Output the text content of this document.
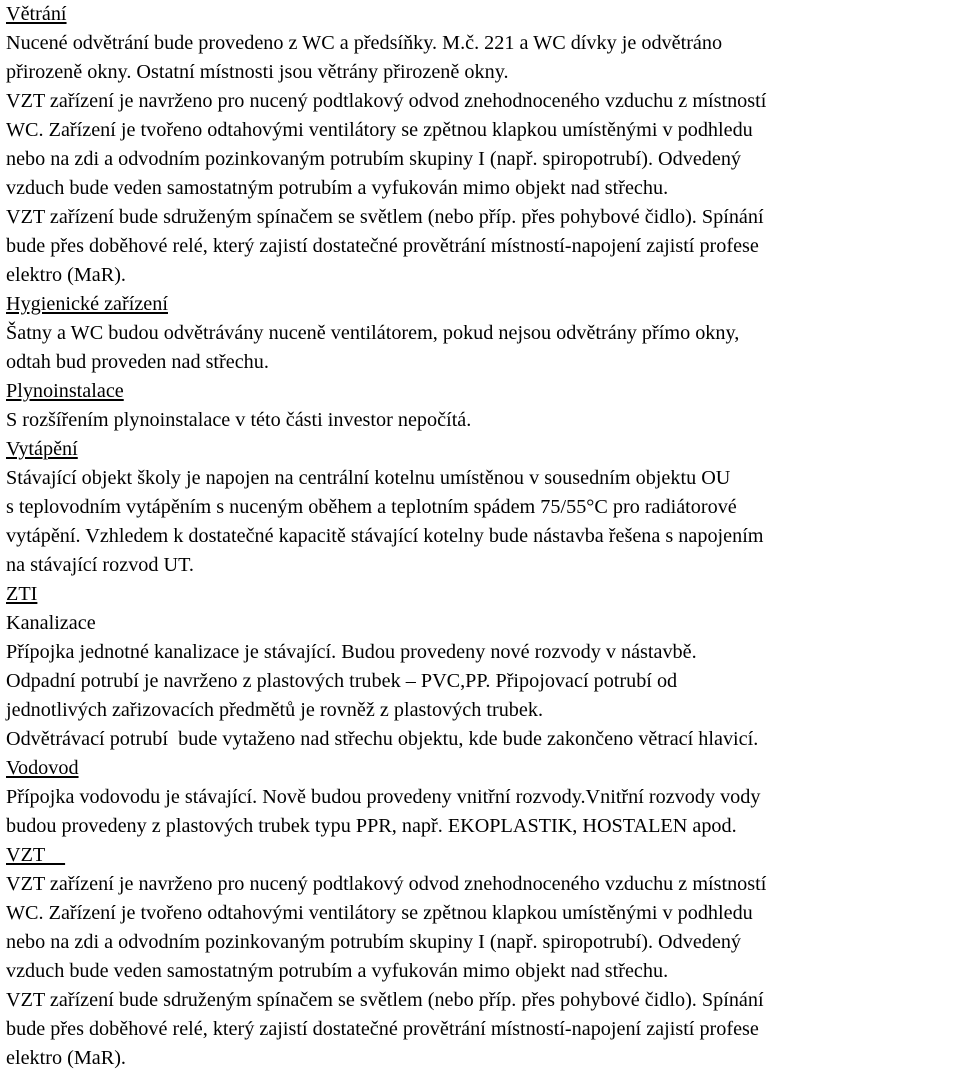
Větrání
Nucené odvětrání bude provedeno z WC a předsíňky. M.č. 221 a WC dívky je odvětráno
přirozeně okny. Ostatní místnosti jsou větrány přirozeně okny.
VZT zařízení je navrženo pro nucený podtlakový odvod znehodnoceného vzduchu z místností
WC. Zařízení je tvořeno odtahovými ventilátory se zpětnou klapkou umístěnými v podhledu
nebo na zdi a odvodním pozinkovaným potrubím skupiny I (např. spiropotrubí). Odvedený
vzduch bude veden samostatným potrubím a vyfukován mimo objekt nad střechu.
VZT zařízení bude sdruženým spínačem se světlem (nebo příp. přes pohybové čidlo). Spínání
bude přes doběhové relé, který zajistí dostatečné provětrání místností-napojení zajistí profese
elektro (MaR).
Hygienické zařízení
Šatny a WC budou odvětrávány nuceně ventilátorem, pokud nejsou odvětrány přímo okny,
odtah bud proveden nad střechu.
Plynoinstalace
S rozšířením plynoinstalace v této části investor nepočítá.
Vytápění
Stávající objekt školy je napojen na centrální kotelnu umístěnou v sousedním objektu OU
s teplovodním vytápěním s nuceným oběhem a teplotním spádem 75/55°C pro radiátorové
vytápění. Vzhledem k dostatečné kapacitě stávající kotelny bude nástavba řešena s napojením
na stávající rozvod UT.
ZTI
Kanalizace
Přípojka jednotné kanalizace je stávající. Budou provedeny nové rozvody v nástavbě.
Odpadní potrubí je navrženo z plastových trubek – PVC,PP. Připojovací potrubí od
jednotlivých zařizovacích předmětů je rovněž z plastových trubek.
Odvětrávací potrubí  bude vytaženo nad střechu objektu, kde bude zakončeno větrací hlavicí.
Vodovod
Přípojka vodovodu je stávající. Nově budou provedeny vnitřní rozvody.Vnitřní rozvody vody
budou provedeny z plastových trubek typu PPR, např. EKOPLASTIK, HOSTALEN apod.
VZT
VZT zařízení je navrženo pro nucený podtlakový odvod znehodnoceného vzduchu z místností
WC. Zařízení je tvořeno odtahovými ventilátory se zpětnou klapkou umístěnými v podhledu
nebo na zdi a odvodním pozinkovaným potrubím skupiny I (např. spiropotrubí). Odvedený
vzduch bude veden samostatným potrubím a vyfukován mimo objekt nad střechu.
VZT zařízení bude sdruženým spínačem se světlem (nebo příp. přes pohybové čidlo). Spínání
bude přes doběhové relé, který zajistí dostatečné provětrání místností-napojení zajistí profese
elektro (MaR).
